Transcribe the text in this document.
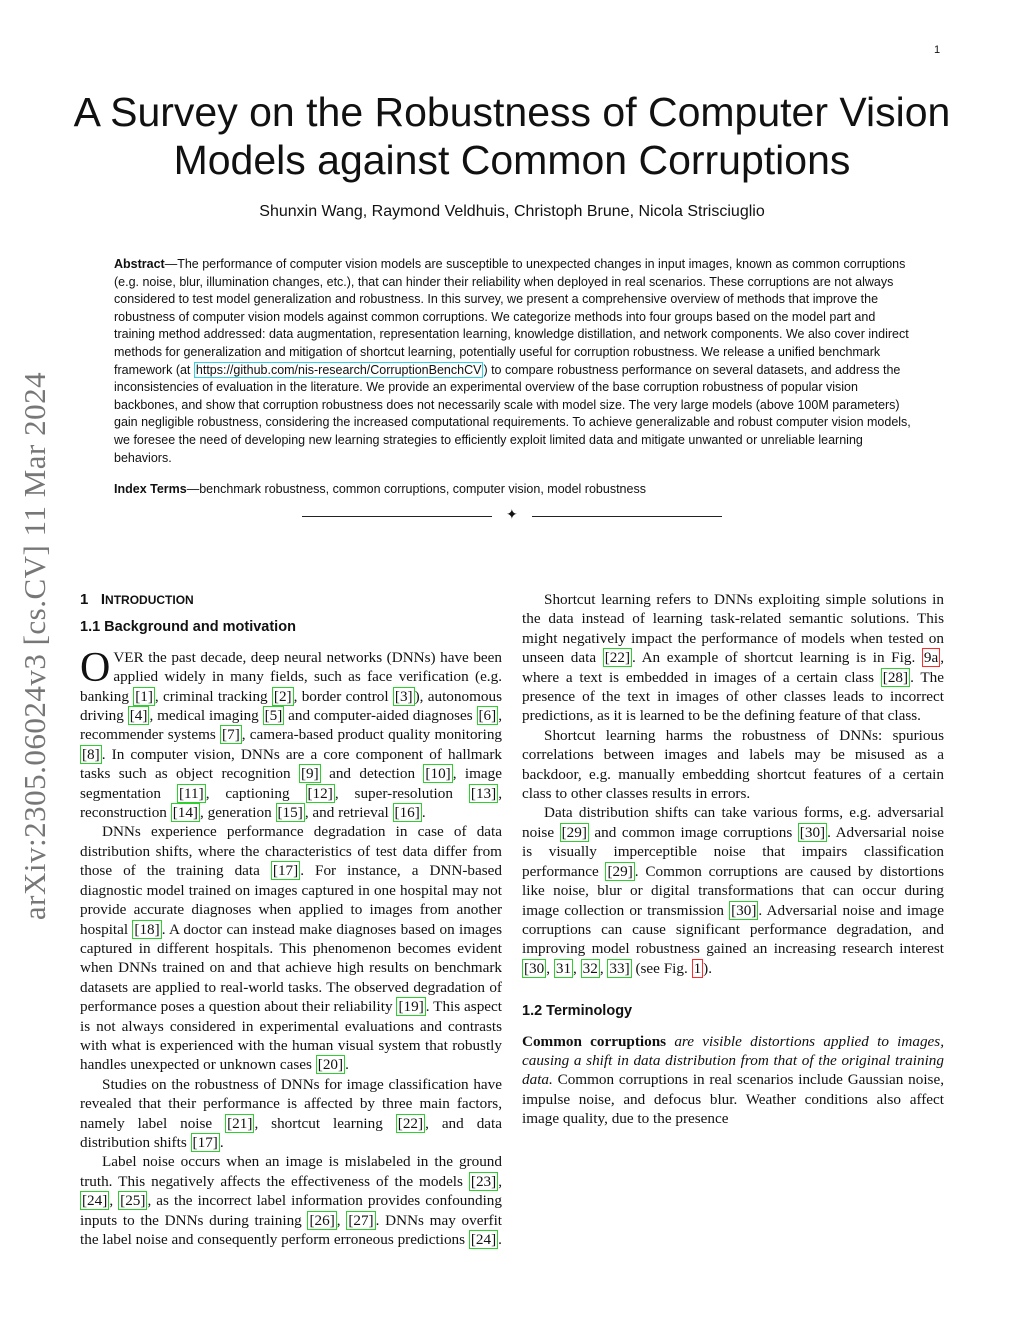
1
arXiv:2305.06024v3 [cs.CV] 11 Mar 2024
A Survey on the Robustness of Computer Vision Models against Common Corruptions
Shunxin Wang, Raymond Veldhuis, Christoph Brune, Nicola Strisciuglio

Abstract—The performance of computer vision models are susceptible to unexpected changes in input images, known as common corruptions (e.g. noise, blur, illumination changes, etc.), that can hinder their reliability when deployed in real scenarios. These corruptions are not always considered to test model generalization and robustness. In this survey, we present a comprehensive overview of methods that improve the robustness of computer vision models against common corruptions. We categorize methods into four groups based on the model part and training method addressed: data augmentation, representation learning, knowledge distillation, and network components. We also cover indirect methods for generalization and mitigation of shortcut learning, potentially useful for corruption robustness. We release a unified benchmark framework (at https://github.com/nis-research/CorruptionBenchCV ) to compare robustness performance on several datasets, and address the inconsistencies of evaluation in the literature. We provide an experimental overview of the base corruption robustness of popular vision backbones, and show that corruption robustness does not necessarily scale with model size. The very large models (above 100M parameters) gain negligible robustness, considering the increased computational requirements. To achieve generalizable and robust computer vision models, we foresee the need of developing new learning strategies to efficiently exploit limited data and mitigate unwanted or unreliable learning behaviors.

Index Terms—benchmark robustness, common corruptions, computer vision, model robustness

✦
1 INTRODUCTION
1.1 Background and motivation

OVER the past decade, deep neural networks (DNNs) have been applied widely in many fields, such as face verification (e.g. banking [1] , criminal tracking [2] , border control [3] ), autonomous driving [4] , medical imaging [5] and computer-aided diagnoses [6] , recommender systems [7] , camera-based product quality monitoring [8] . In computer vision, DNNs are a core component of hallmark tasks such as object recognition [9] and detection [10] , image segmentation [11] , captioning [12] , super-resolution [13] , reconstruction [14] , generation [15] , and retrieval [16] .

DNNs experience performance degradation in case of data distribution shifts, where the characteristics of test data differ from those of the training data [17] . For instance, a DNN-based diagnostic model trained on images captured in one hospital may not provide accurate diagnoses when applied to images from another hospital [18] . A doctor can instead make diagnoses based on images captured in different hospitals. This phenomenon becomes evident when DNNs trained on and that achieve high results on benchmark datasets are applied to real-world tasks. The observed degradation of performance poses a question about their reliability [19] . This aspect is not always considered in experimental evaluations and contrasts with what is experienced with the human visual system that robustly handles unexpected or unknown cases [20] .

Studies on the robustness of DNNs for image classification have revealed that their performance is affected by three main factors, namely label noise [21] , shortcut learning [22] , and data distribution shifts [17] .

Label noise occurs when an image is mislabeled in the ground truth. This negatively affects the effectiveness of the models [23] , [24] , [25] , as the incorrect label information provides confounding inputs to the DNNs during training [26] , [27] . DNNs may overfit the label noise and consequently perform erroneous predictions [24] .

Shortcut learning refers to DNNs exploiting simple solutions in the data instead of learning task-related semantic solutions. This might negatively impact the performance of models when tested on unseen data [22] . An example of shortcut learning is in Fig. 9a , where a text is embedded in images of a certain class [28] . The presence of the text in images of other classes leads to incorrect predictions, as it is learned to be the defining feature of that class.

Shortcut learning harms the robustness of DNNs: spurious correlations between images and labels may be misused as a backdoor, e.g. manually embedding shortcut features of a certain class to other classes results in errors.

Data distribution shifts can take various forms, e.g. adversarial noise [29] and common image corruptions [30] . Adversarial noise is visually imperceptible noise that impairs classification performance [29] . Common corruptions are caused by distortions like noise, blur or digital transformations that can occur during image collection or transmission [30] . Adversarial noise and image corruptions can cause significant performance degradation, and improving model robustness gained an increasing research interest [30 , 31 , 32 , 33] (see Fig. 1 ).

1.2 Terminology

Common corruptions are visible distortions applied to images, causing a shift in data distribution from that of the original training data. Common corruptions in real scenarios include Gaussian noise, impulse noise, and defocus blur. Weather conditions also affect image quality, due to the presence
